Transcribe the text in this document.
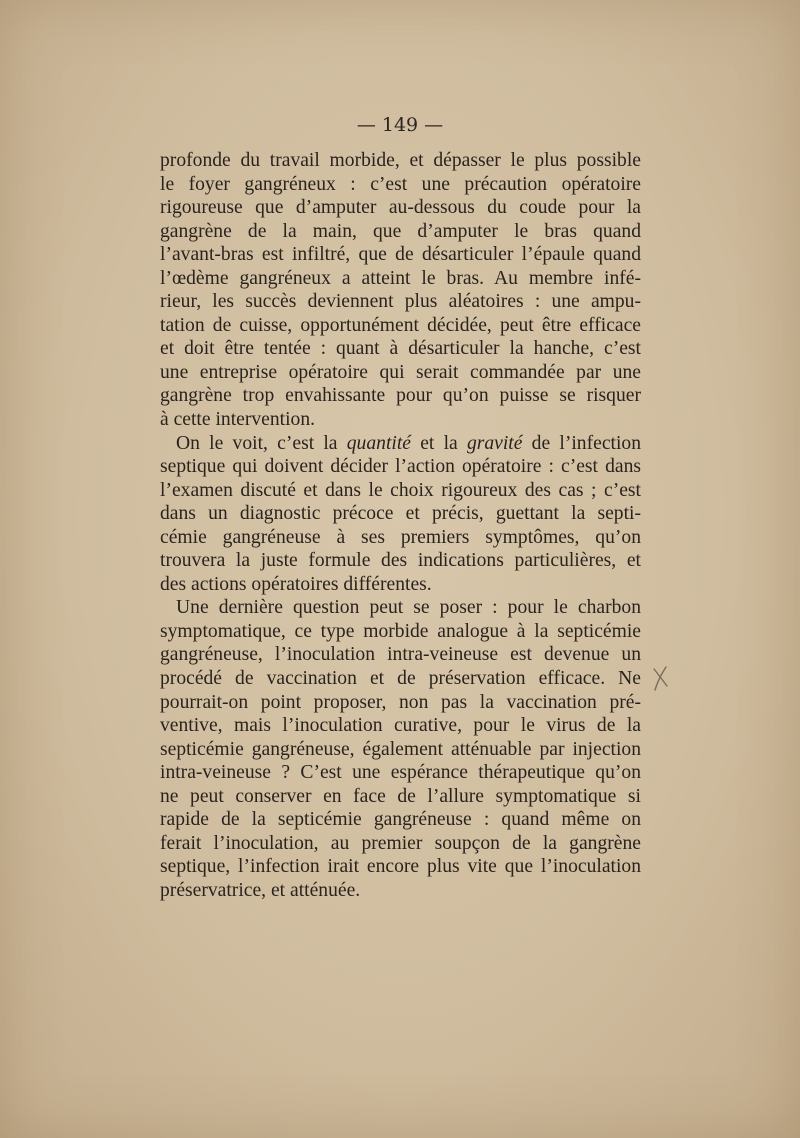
— 149 —
profonde du travail morbide, et dépasser le plus possible
le foyer gangréneux : c’est une précaution opératoire
rigoureuse que d’amputer au-dessous du coude pour la
gangrène de la main, que d’amputer le bras quand
l’avant-bras est infiltré, que de désarticuler l’épaule quand
l’œdème gangréneux a atteint le bras. Au membre infé-
rieur, les succès deviennent plus aléatoires : une ampu-
tation de cuisse, opportunément décidée, peut être efficace
et doit être tentée : quant à désarticuler la hanche, c’est
une entreprise opératoire qui serait commandée par une
gangrène trop envahissante pour qu’on puisse se risquer
à cette intervention.
On le voit, c’est la quantité et la gravité de l’infection
septique qui doivent décider l’action opératoire : c’est dans
l’examen discuté et dans le choix rigoureux des cas ; c’est
dans un diagnostic précoce et précis, guettant la septi-
cémie gangréneuse à ses premiers symptômes, qu’on
trouvera la juste formule des indications particulières, et
des actions opératoires différentes.
Une dernière question peut se poser : pour le charbon
symptomatique, ce type morbide analogue à la septicémie
gangréneuse, l’inoculation intra-veineuse est devenue un
procédé de vaccination et de préservation efficace. Ne
pourrait-on point proposer, non pas la vaccination pré-
ventive, mais l’inoculation curative, pour le virus de la
septicémie gangréneuse, également atténuable par injection
intra-veineuse ? C’est une espérance thérapeutique qu’on
ne peut conserver en face de l’allure symptomatique si
rapide de la septicémie gangréneuse : quand même on
ferait l’inoculation, au premier soupçon de la gangrène
septique, l’infection irait encore plus vite que l’inoculation
préservatrice, et atténuée.
